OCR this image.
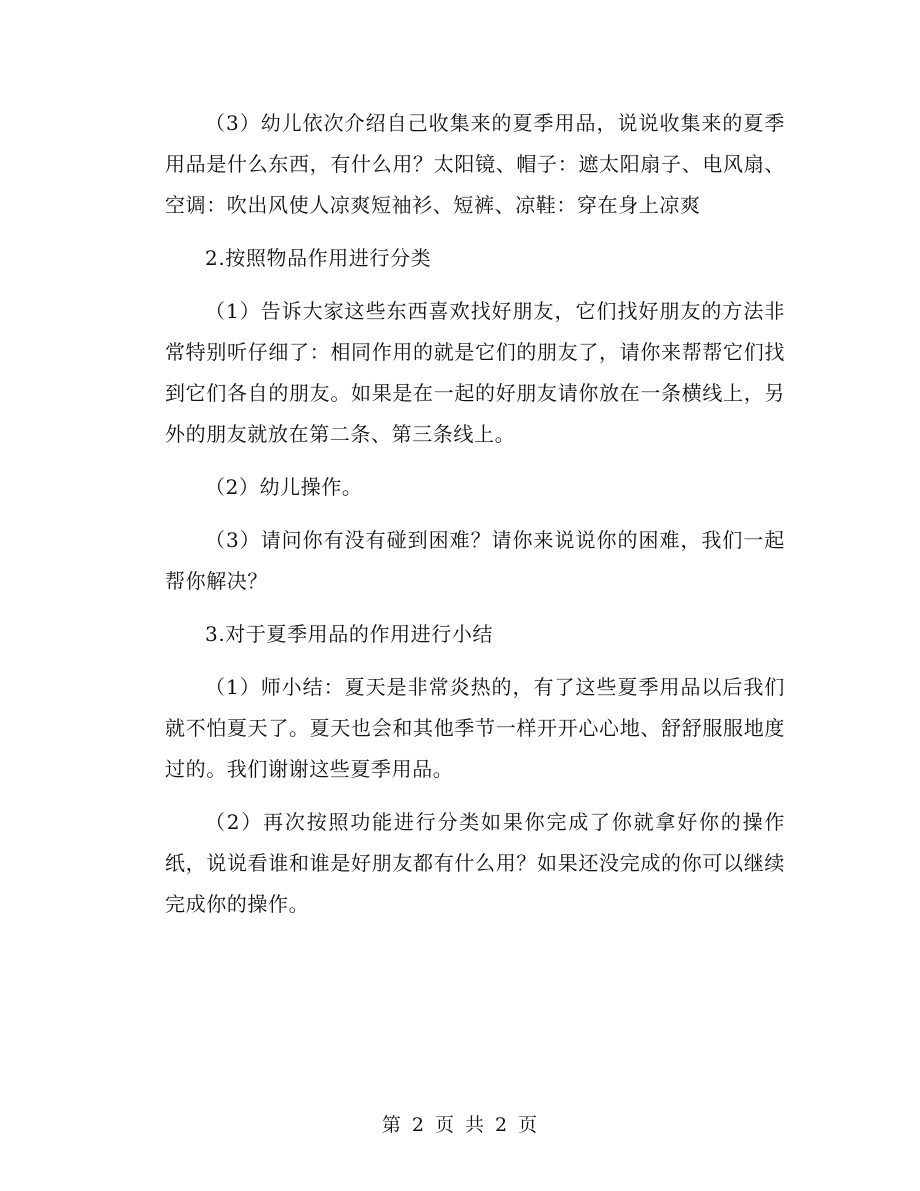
（3）幼儿依次介绍自己收集来的夏季用品，说说收集来的夏季用品是什么东西，有什么用？太阳镜、帽子：遮太阳扇子、电风扇、空调：吹出风使人凉爽短袖衫、短裤、凉鞋：穿在身上凉爽

2.按照物品作用进行分类

（1）告诉大家这些东西喜欢找好朋友，它们找好朋友的方法非常特别听仔细了：相同作用的就是它们的朋友了，请你来帮帮它们找到它们各自的朋友。如果是在一起的好朋友请你放在一条横线上，另外的朋友就放在第二条、第三条线上。

（2）幼儿操作。

（3）请问你有没有碰到困难？请你来说说你的困难，我们一起帮你解决？

3.对于夏季用品的作用进行小结

（1）师小结：夏天是非常炎热的，有了这些夏季用品以后我们就不怕夏天了。夏天也会和其他季节一样开开心心地、舒舒服服地度过的。我们谢谢这些夏季用品。

（2）再次按照功能进行分类如果你完成了你就拿好你的操作纸，说说看谁和谁是好朋友都有什么用？如果还没完成的你可以继续完成你的操作。

第 2 页 共 2 页
